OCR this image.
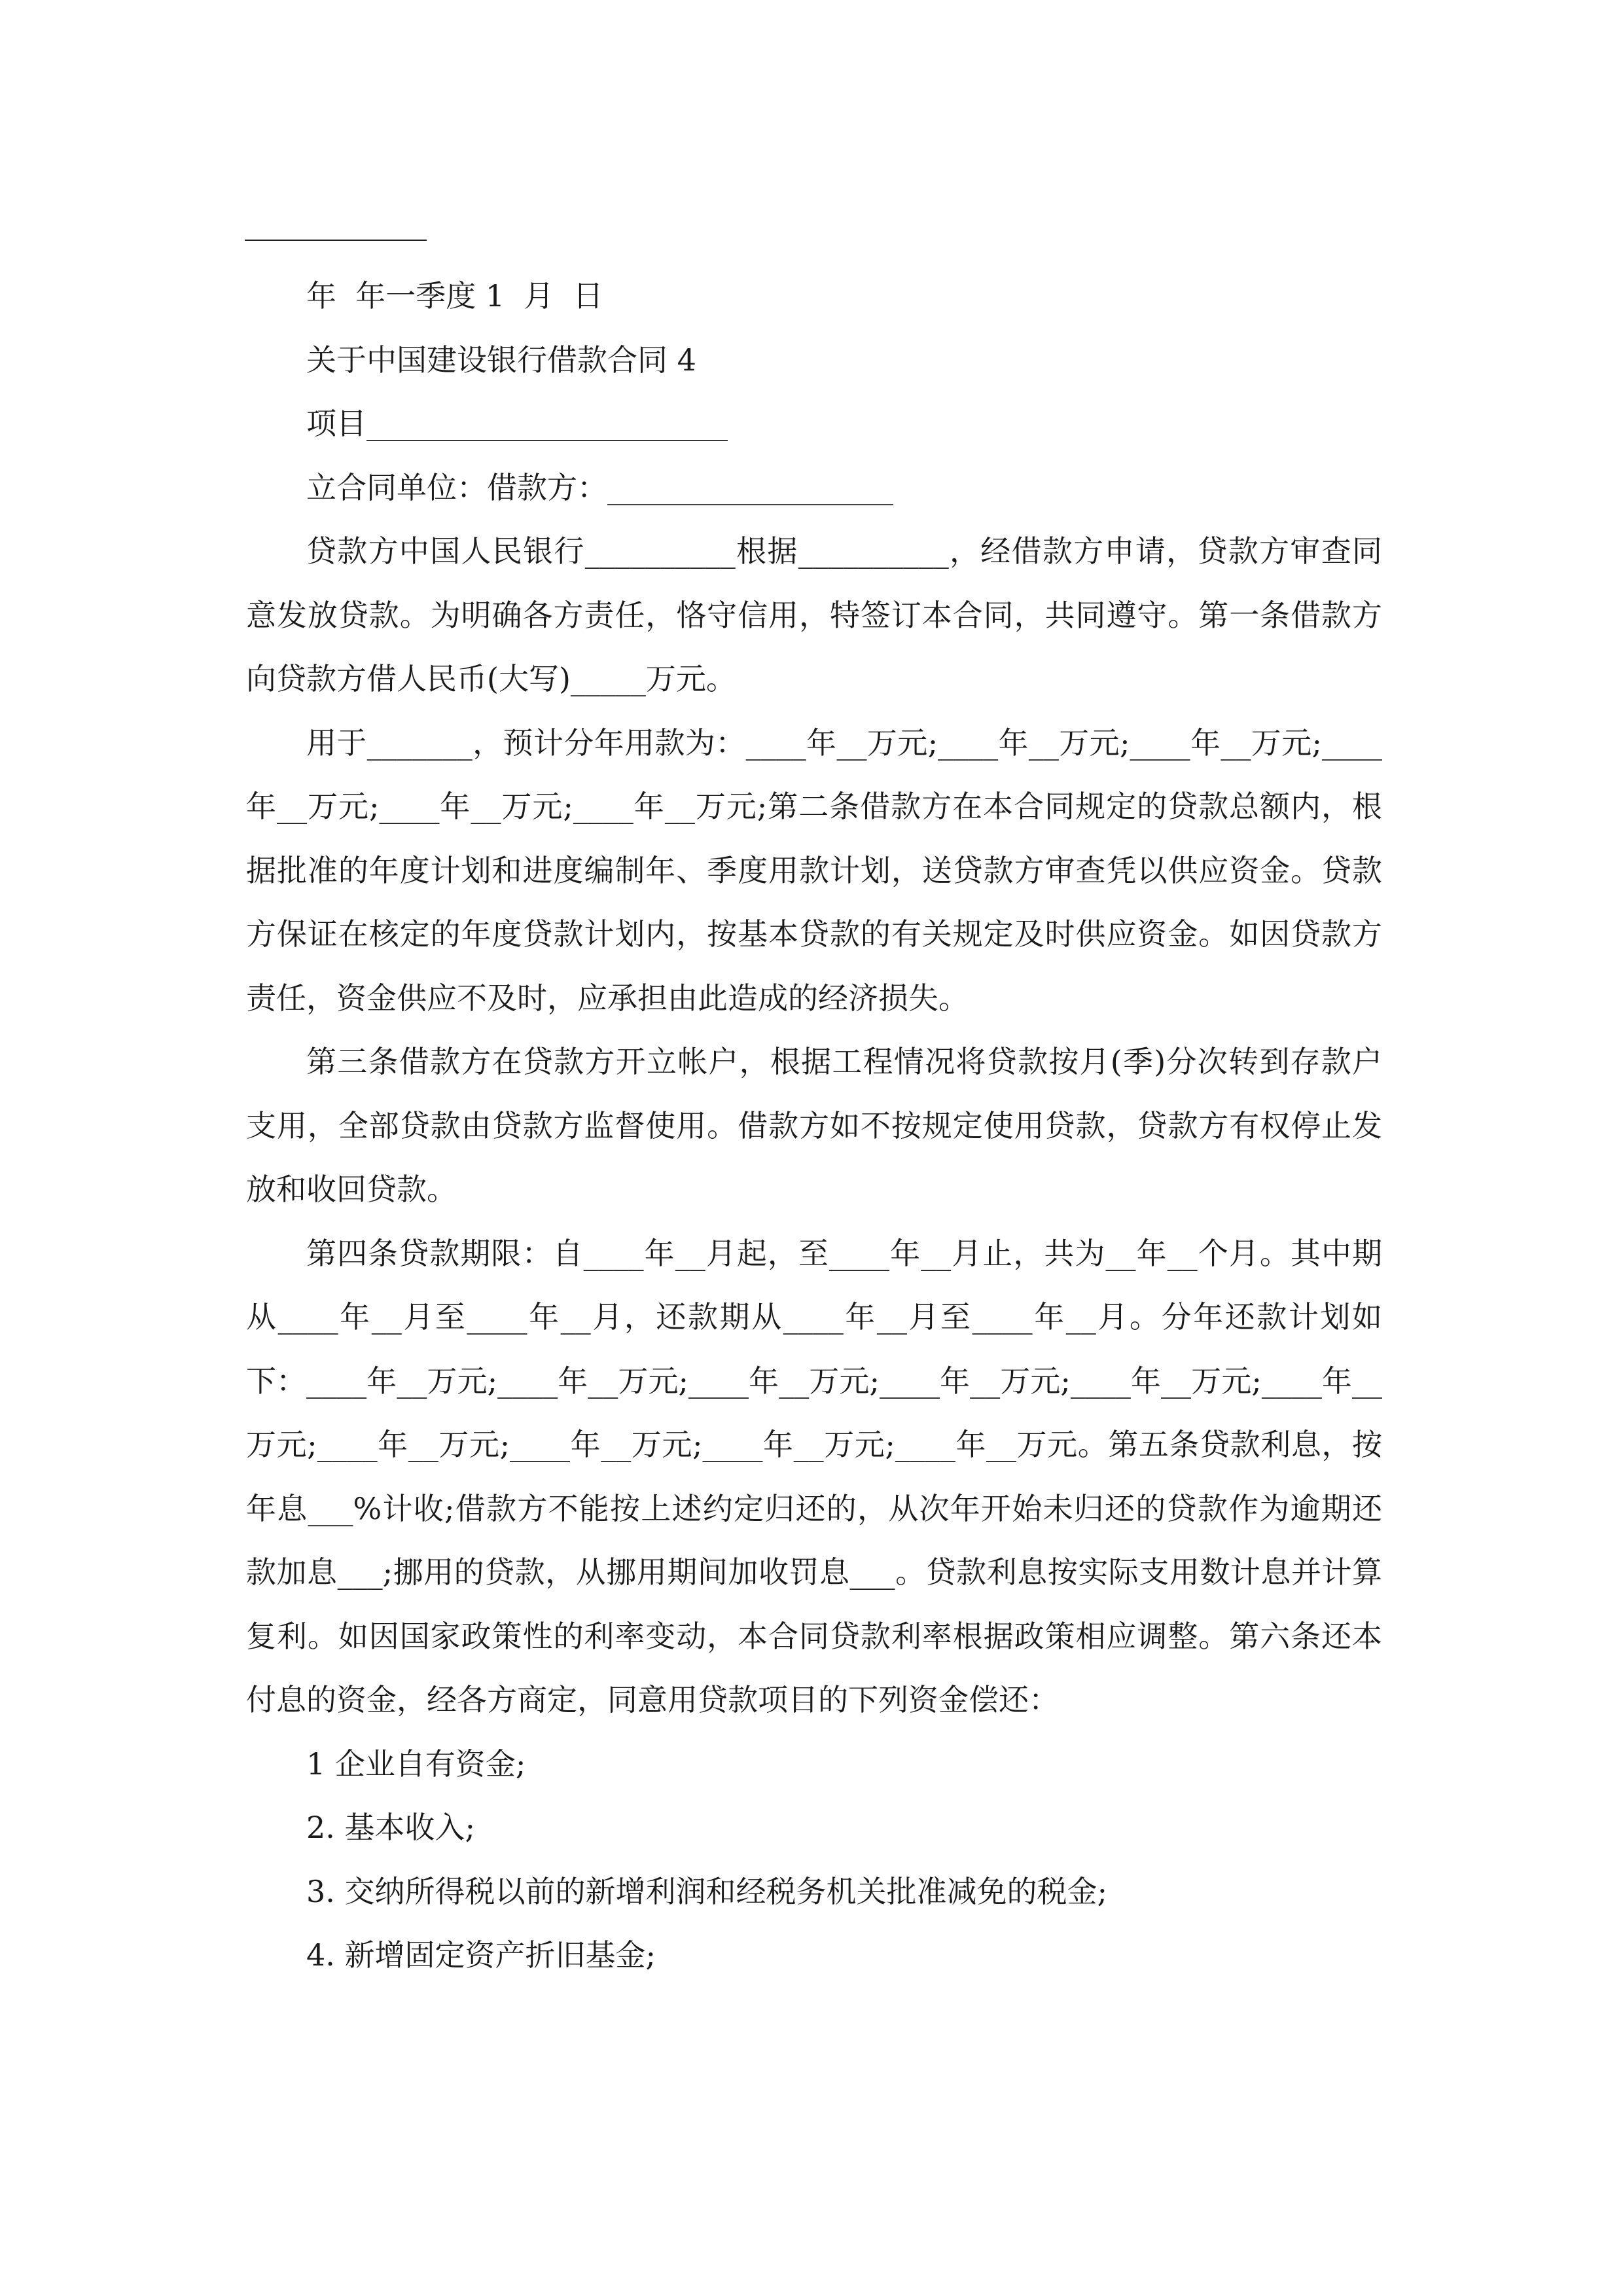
年  年一季度 1  月  日

关于中国建设银行借款合同 4

项目________________________

立合同单位：借款方：___________________

贷款方中国人民银行__________根据__________，经借款方申请，贷款方审查同意发放贷款。为明确各方责任，恪守信用，特签订本合同，共同遵守。第一条借款方向贷款方借人民币(大写)_____万元。

用于_______，预计分年用款为：____年__万元;____年__万元;____年__万元;____年__万元;____年__万元;____年__万元;第二条借款方在本合同规定的贷款总额内，根据批准的年度计划和进度编制年、季度用款计划，送贷款方审查凭以供应资金。贷款方保证在核定的年度贷款计划内，按基本贷款的有关规定及时供应资金。如因贷款方责任，资金供应不及时，应承担由此造成的经济损失。

第三条借款方在贷款方开立帐户，根据工程情况将贷款按月(季)分次转到存款户支用，全部贷款由贷款方监督使用。借款方如不按规定使用贷款，贷款方有权停止发放和收回贷款。

第四条贷款期限：自____年__月起，至____年__月止，共为__年__个月。其中期从____年__月至____年__月，还款期从____年__月至____年__月。分年还款计划如下：____年__万元;____年__万元;____年__万元;____年__万元;____年__万元;____年__万元;____年__万元;____年__万元;____年__万元;____年__万元。第五条贷款利息，按年息___%计收;借款方不能按上述约定归还的，从次年开始未归还的贷款作为逾期还款加息___;挪用的贷款，从挪用期间加收罚息___。贷款利息按实际支用数计息并计算复利。如因国家政策性的利率变动，本合同贷款利率根据政策相应调整。第六条还本付息的资金，经各方商定，同意用贷款项目的下列资金偿还：

1 企业自有资金;

2. 基本收入;

3. 交纳所得税以前的新增利润和经税务机关批准减免的税金;

4. 新增固定资产折旧基金;
